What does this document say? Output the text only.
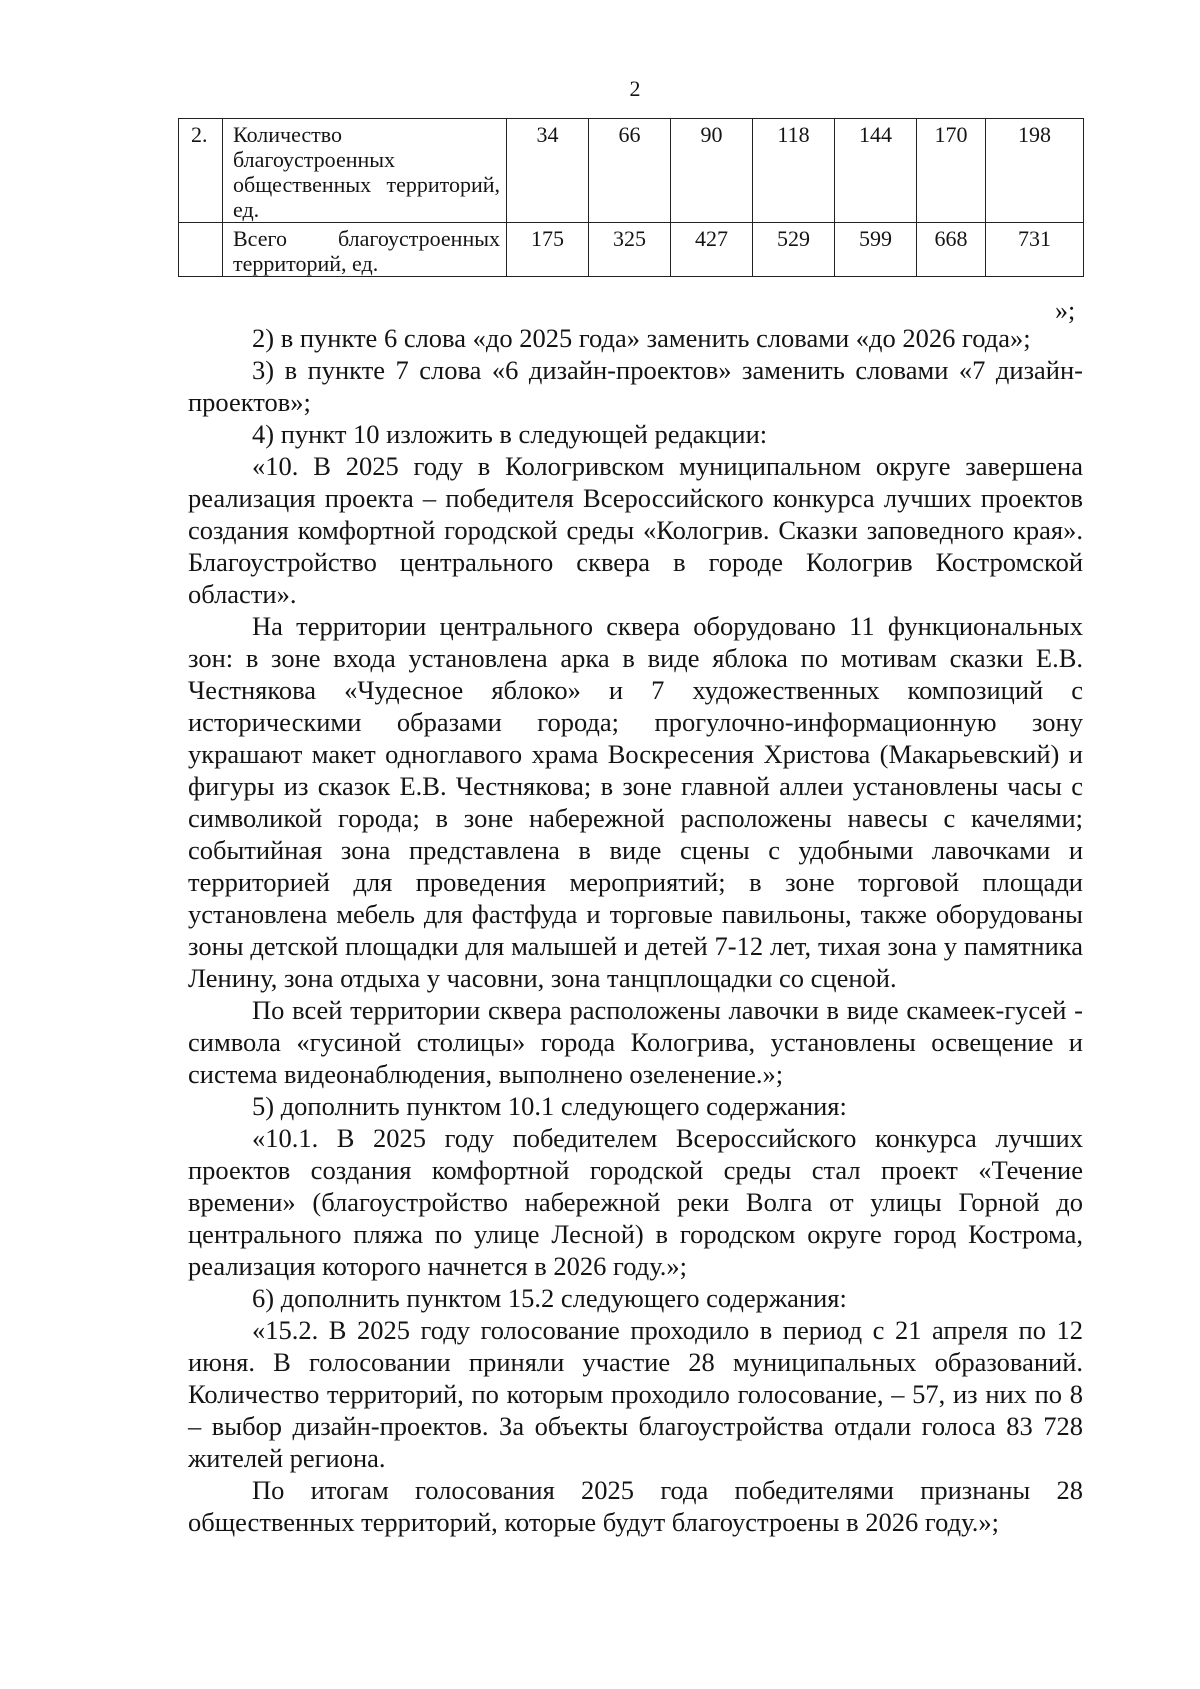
2
2.	Количество
благоустроенных
общественных территорий,
ед.	34	66	90	118	144	170	198

	Всего благоустроенных
территорий, ед.	175	325	427	529	599	668	731
»;

2) в пункте 6 слова «до 2025 года» заменить словами «до 2026 года»;

3) в пункте 7 слова «6 дизайн-проектов» заменить словами «7 дизайн-проектов»;

4) пункт 10 изложить в следующей редакции:

«10. В 2025 году в Кологривском муниципальном округе завершена реализация проекта – победителя Всероссийского конкурса лучших проектов создания комфортной городской среды «Кологрив. Сказки заповедного края». Благоустройство центрального сквера в городе Кологрив Костромской области».

На территории центрального сквера оборудовано 11 функциональных зон: в зоне входа установлена арка в виде яблока по мотивам сказки Е.В. Честнякова «Чудесное яблоко» и 7 художественных композиций с историческими образами города; прогулочно-информационную зону украшают макет одноглавого храма Воскресения Христова (Макарьевский) и фигуры из сказок Е.В. Честнякова; в зоне главной аллеи установлены часы с символикой города; в зоне набережной расположены навесы с качелями; событийная зона представлена в виде сцены с удобными лавочками и территорией для проведения мероприятий; в зоне торговой площади установлена мебель для фастфуда и торговые павильоны, также оборудованы зоны детской площадки для малышей и детей 7-12 лет, тихая зона у памятника Ленину, зона отдыха у часовни, зона танцплощадки со сценой.

По всей территории сквера расположены лавочки в виде скамеек-гусей - символа «гусиной столицы» города Кологрива, установлены освещение и система видеонаблюдения, выполнено озеленение.»;

5) дополнить пунктом 10.1 следующего содержания:

«10.1. В 2025 году победителем Всероссийского конкурса лучших проектов создания комфортной городской среды стал проект «Течение времени» (благоустройство набережной реки Волга от улицы Горной до центрального пляжа по улице Лесной) в городском округе город Кострома, реализация которого начнется в 2026 году.»;

6) дополнить пунктом 15.2 следующего содержания:

«15.2. В 2025 году голосование проходило в период с 21 апреля по 12 июня. В голосовании приняли участие 28 муниципальных образований. Количество территорий, по которым проходило голосование, – 57, из них по 8 – выбор дизайн-проектов. За объекты благоустройства отдали голоса 83 728 жителей региона.

По итогам голосования 2025 года победителями признаны 28 общественных территорий, которые будут благоустроены в 2026 году.»;
